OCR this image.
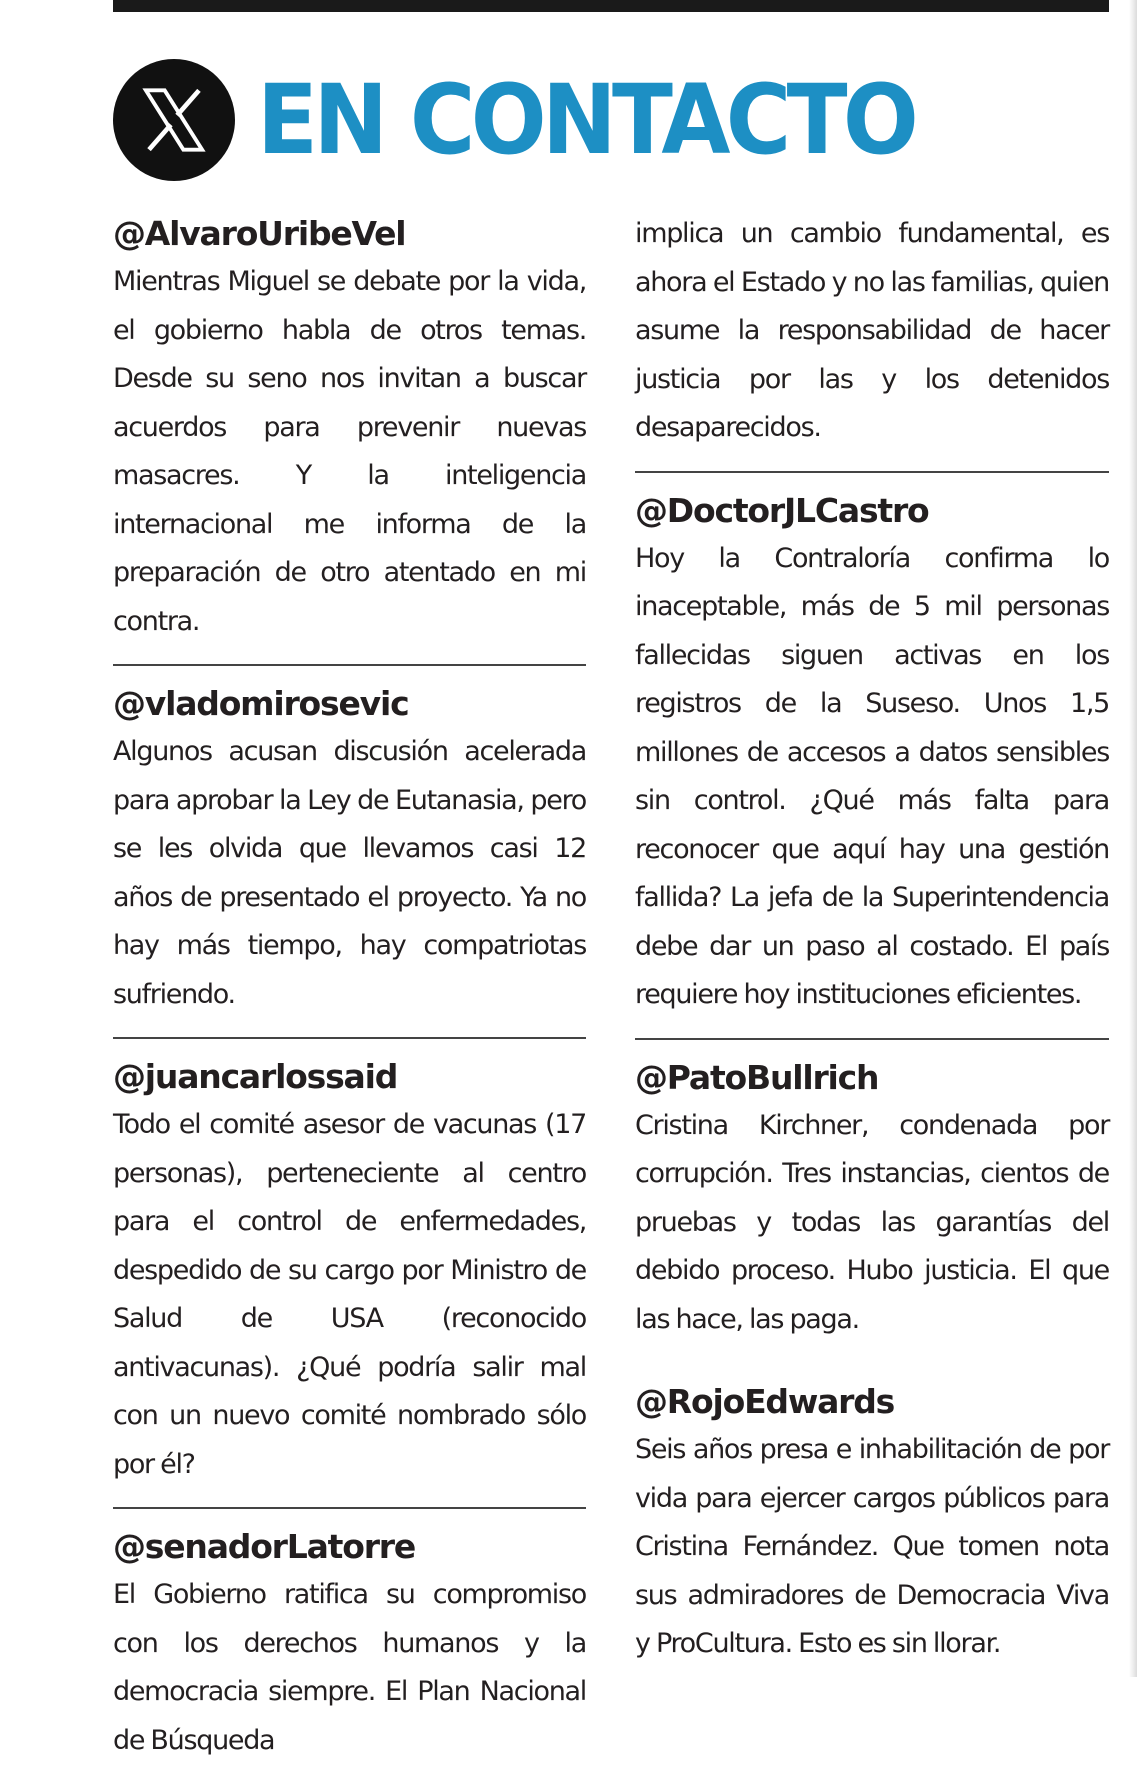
EN CONTACTO
@AlvaroUribeVel
Mientras Miguel se debate por la vida, el gobierno habla de otros temas. Desde su seno nos invitan a buscar acuerdos para prevenir nuevas masacres. Y la inteligencia internacional me informa de la preparación de otro atentado en mi contra.
@vladomirosevic
Algunos acusan discusión acelerada para aprobar la Ley de Eutanasia, pero se les olvida que llevamos casi 12 años de presentado el proyecto. Ya no hay más tiempo, hay compatriotas sufriendo.
@juancarlossaid
Todo el comité asesor de vacunas (17 personas), perteneciente al centro para el control de enfermedades, despedido de su cargo por Ministro de Salud de USA (reconocido antivacunas). ¿Qué podría salir mal con un nuevo comité nombrado sólo por él?
@senadorLatorre
El Gobierno ratifica su compromiso con los derechos humanos y la democracia siempre. El Plan Nacional de Búsqueda
implica un cambio fundamental, es ahora el Estado y no las familias, quien asume la responsabilidad de hacer justicia por las y los detenidos desaparecidos.
@DoctorJLCastro
Hoy la Contraloría confirma lo inaceptable, más de 5 mil personas fallecidas siguen activas en los registros de la Suseso. Unos 1,5 millones de accesos a datos sensibles sin control. ¿Qué más falta para reconocer que aquí hay una gestión fallida? La jefa de la Superintendencia debe dar un paso al costado. El país requiere hoy instituciones eficientes.
@PatoBullrich
Cristina Kirchner, condenada por corrupción. Tres instancias, cientos de pruebas y todas las garantías del debido proceso. Hubo justicia. El que las hace, las paga.
@RojoEdwards
Seis años presa e inhabilitación de por vida para ejercer cargos públicos para Cristina Fernández. Que tomen nota sus admiradores de Democracia Viva y ProCultura. Esto es sin llorar.
